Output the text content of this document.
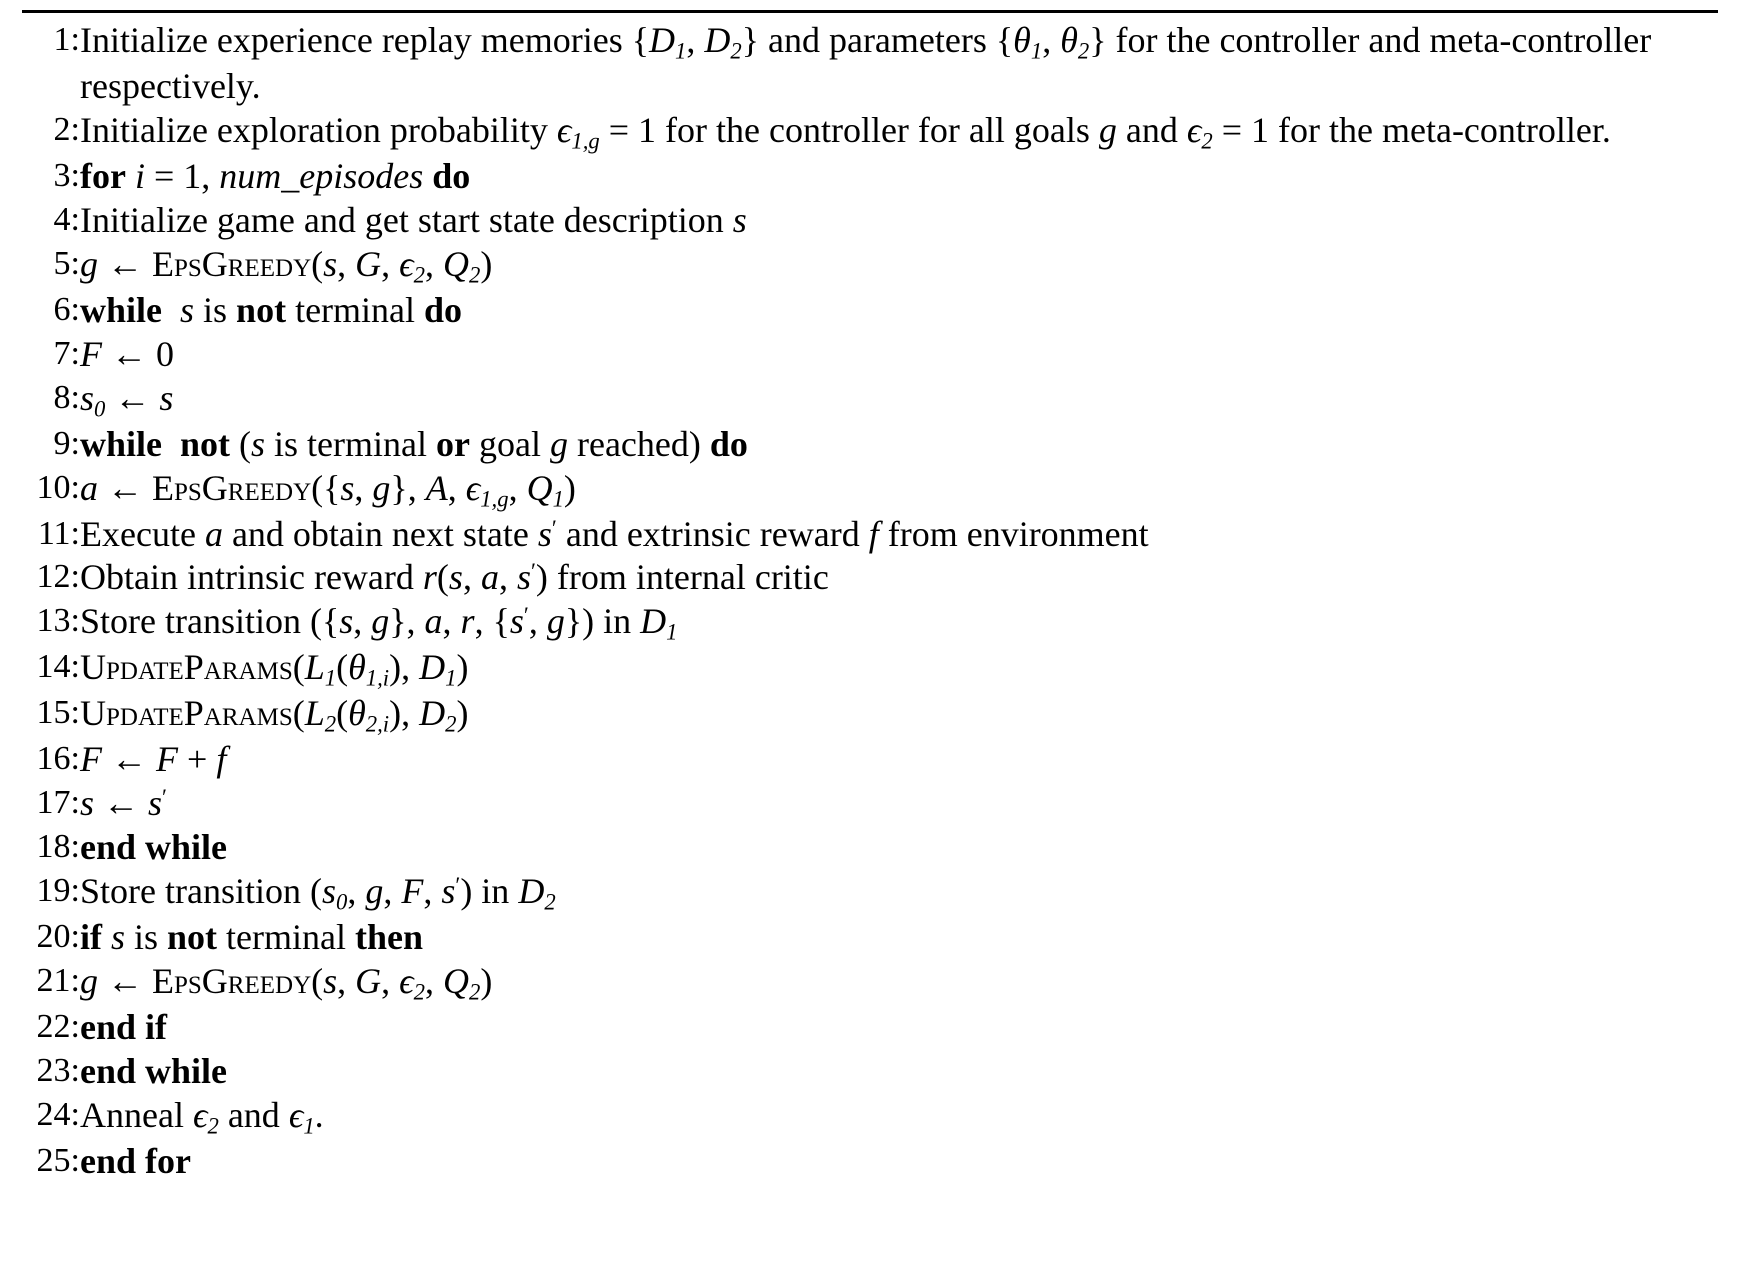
1:	Initialize experience replay memories {$D_1$, $D_2$} and parameters {$\theta_1$, $\theta_2$} for the controller and meta-controller respectively.
2:	Initialize exploration probability $\epsilon_{1,g} = 1$ for the controller for all goals g and $\epsilon_2 = 1$ for the meta-controller.
3:	for i = 1, num_episodes do
4:	Initialize game and get start state description s
5:	g ← EpsGreedy(s, G, $\epsilon_2$, $Q_2$)
6:	while s is not terminal do
7:	F ← 0
8:	$s_0$ ← s
9:	while not (s is terminal or goal g reached) do
10:	a ← EpsGreedy({s, g}, A, $\epsilon_{1,g}$, $Q_1$)
11:	Execute a and obtain next state s′ and extrinsic reward f from environment
12:	Obtain intrinsic reward r(s, a, s′) from internal critic
13:	Store transition ({s, g}, a, r, {s′, g}) in $D_1$
14:	$UpdateParams(L_1(\theta_{1,i})$, $D_1$)
15:	$UpdateParams(L_2(\theta_{2,i})$, $D_2$)
16:	F ← F + f
17:	s ← s′
18:	end while
19:	Store transition ($s_0$, g, F, s′) in $D_2$
20:	if s is not terminal then
21:	g ← EpsGreedy(s, G, $\epsilon_2$, $Q_2$)
22:	end if
23:	end while
24:	Anneal $\epsilon_2$ and $\epsilon_1$.
25:	end for
